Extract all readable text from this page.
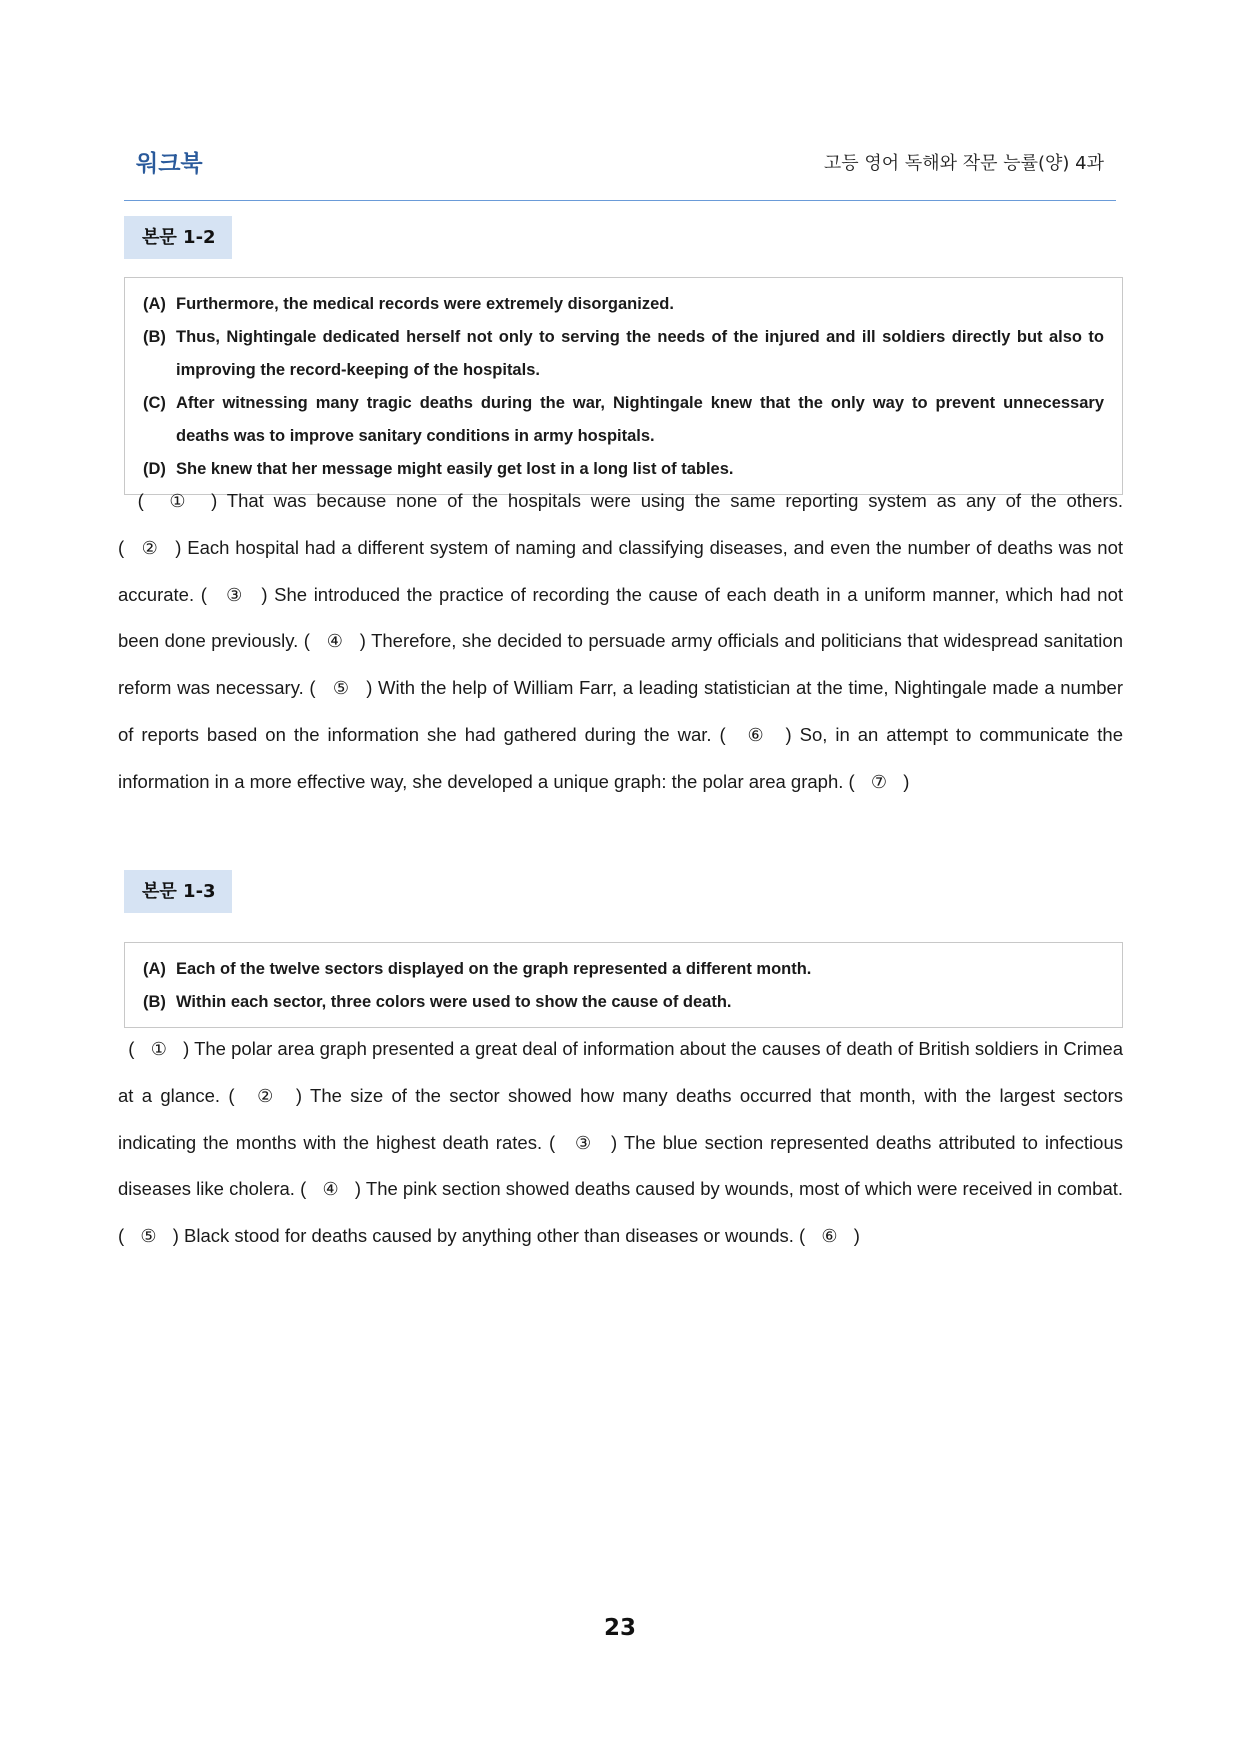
워크북	고등 영어 독해와 작문 능률(양) 4과
본문 1-2
(A) Furthermore, the medical records were extremely disorganized.
(B) Thus, Nightingale dedicated herself not only to serving the needs of the injured and ill soldiers directly but also to improving the record-keeping of the hospitals.
(C) After witnessing many tragic deaths during the war, Nightingale knew that the only way to prevent unnecessary deaths was to improve sanitary conditions in army hospitals.
(D) She knew that her message might easily get lost in a long list of tables.
(  ①  ) That was because none of the hospitals were using the same reporting system as any of the others. (  ②  ) Each hospital had a different system of naming and classifying diseases, and even the number of deaths was not accurate. (  ③  ) She introduced the practice of recording the cause of each death in a uniform manner, which had not been done previously. (  ④  ) Therefore, she decided to persuade army officials and politicians that widespread sanitation reform was necessary. (  ⑤  ) With the help of William Farr, a leading statistician at the time, Nightingale made a number of reports based on the information she had gathered during the war. (  ⑥  ) So, in an attempt to communicate the information in a more effective way, she developed a unique graph: the polar area graph. (  ⑦  )
본문 1-3
(A) Each of the twelve sectors displayed on the graph represented a different month.
(B) Within each sector, three colors were used to show the cause of death.
(  ①  ) The polar area graph presented a great deal of information about the causes of death of British soldiers in Crimea at a glance. (  ②  ) The size of the sector showed how many deaths occurred that month, with the largest sectors indicating the months with the highest death rates. (  ③  ) The blue section represented deaths attributed to infectious diseases like cholera. (  ④  ) The pink section showed deaths caused by wounds, most of which were received in combat. (  ⑤  ) Black stood for deaths caused by anything other than diseases or wounds. (  ⑥  )
23
